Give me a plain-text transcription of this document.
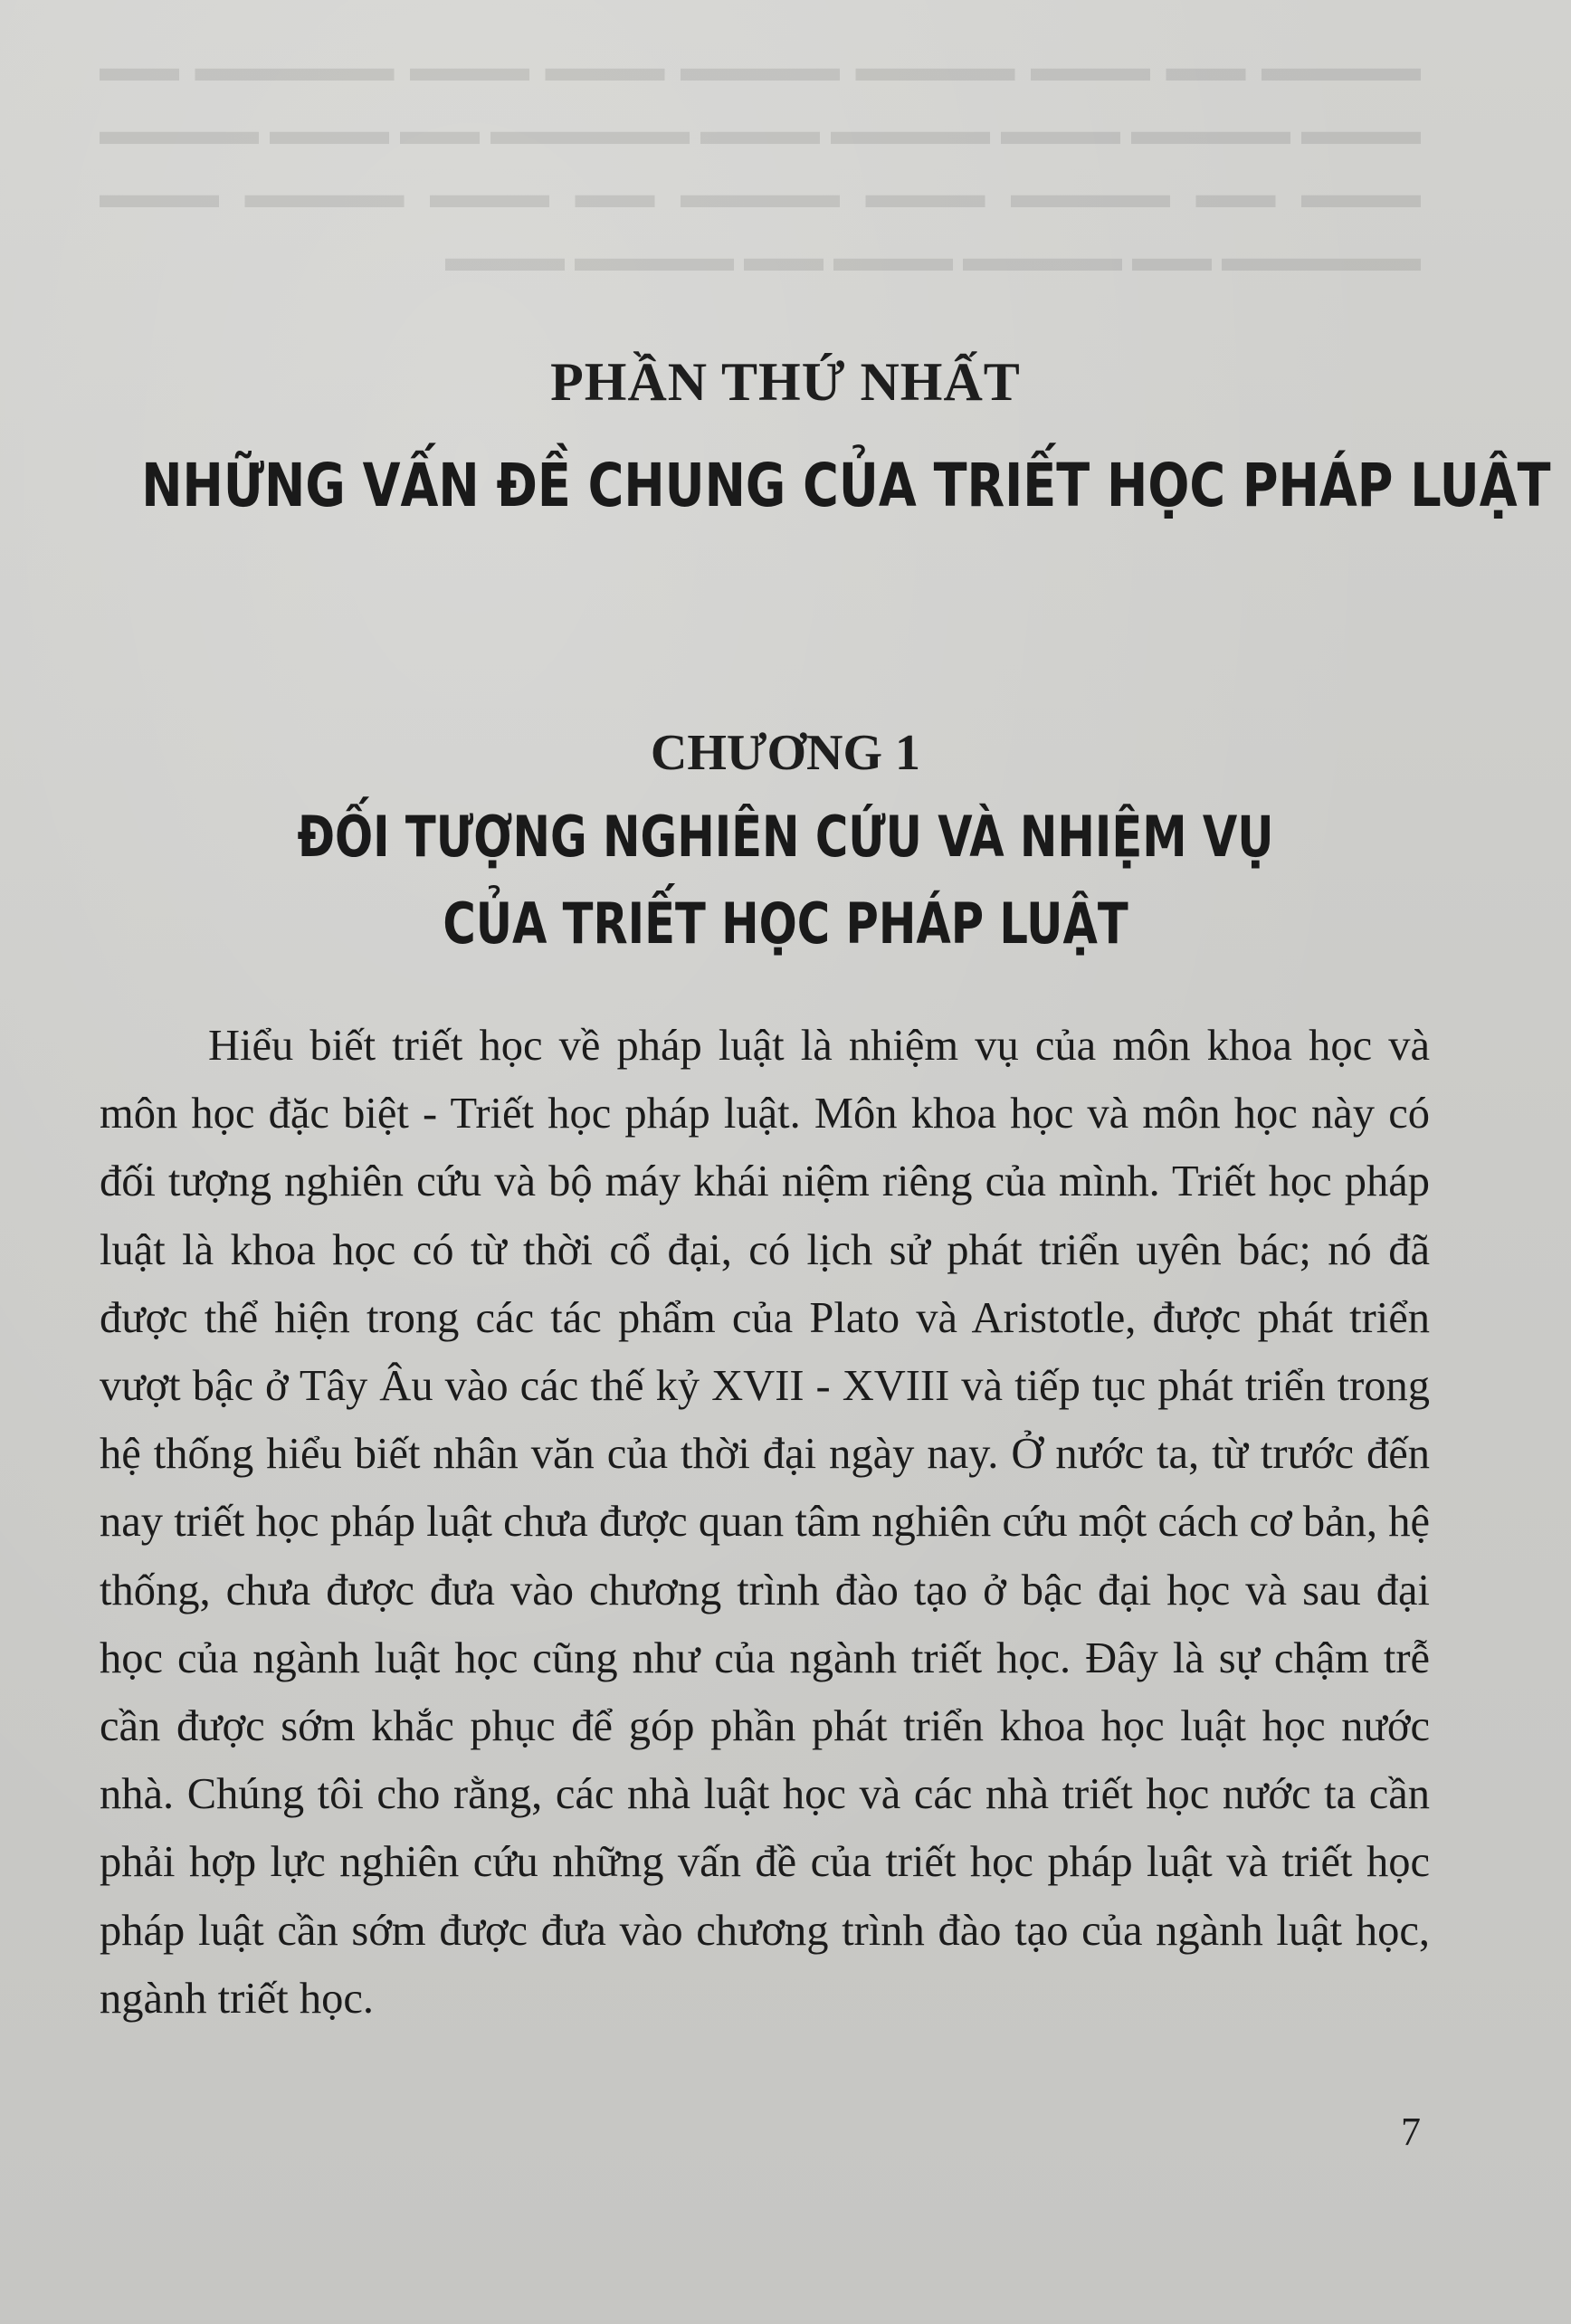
▬▬▬▬ ▬▬ ▬▬▬ ▬▬▬▬ ▬▬▬▬ ▬▬▬ ▬▬▬ ▬▬▬▬▬ ▬▬ ▬▬▬ ▬▬▬▬ ▬▬▬ ▬▬▬▬ ▬▬▬ ▬▬▬▬▬ ▬▬ ▬▬▬ ▬▬▬▬ ▬▬▬ ▬▬ ▬▬▬▬ ▬▬▬ ▬▬▬▬ ▬▬ ▬▬▬ ▬▬▬▬ ▬▬▬ ▬▬▬▬▬ ▬▬ ▬▬▬▬ ▬▬▬ ▬▬ ▬▬▬▬ ▬▬▬
PHẦN THỨ NHẤT
NHỮNG VẤN ĐỀ CHUNG CỦA TRIẾT HỌC PHÁP LUẬT
CHƯƠNG 1
ĐỐI TƯỢNG NGHIÊN CỨU VÀ NHIỆM VỤ
CỦA TRIẾT HỌC PHÁP LUẬT

Hiểu biết triết học về pháp luật là nhiệm vụ của môn khoa học và môn học đặc biệt - Triết học pháp luật. Môn khoa học và môn học này có đối tượng nghiên cứu và bộ máy khái niệm riêng của mình. Triết học pháp luật là khoa học có từ thời cổ đại, có lịch sử phát triển uyên bác; nó đã được thể hiện trong các tác phẩm của Plato và Aristotle, được phát triển vượt bậc ở Tây Âu vào các thế kỷ XVII - XVIII và tiếp tục phát triển trong hệ thống hiểu biết nhân văn của thời đại ngày nay. Ở nước ta, từ trước đến nay triết học pháp luật chưa được quan tâm nghiên cứu một cách cơ bản, hệ thống, chưa được đưa vào chương trình đào tạo ở bậc đại học và sau đại học của ngành luật học cũng như của ngành triết học. Đây là sự chậm trễ cần được sớm khắc phục để góp phần phát triển khoa học luật học nước nhà. Chúng tôi cho rằng, các nhà luật học và các nhà triết học nước ta cần phải hợp lực nghiên cứu những vấn đề của triết học pháp luật và triết học pháp luật cần sớm được đưa vào chương trình đào tạo của ngành luật học, ngành triết học.

7
